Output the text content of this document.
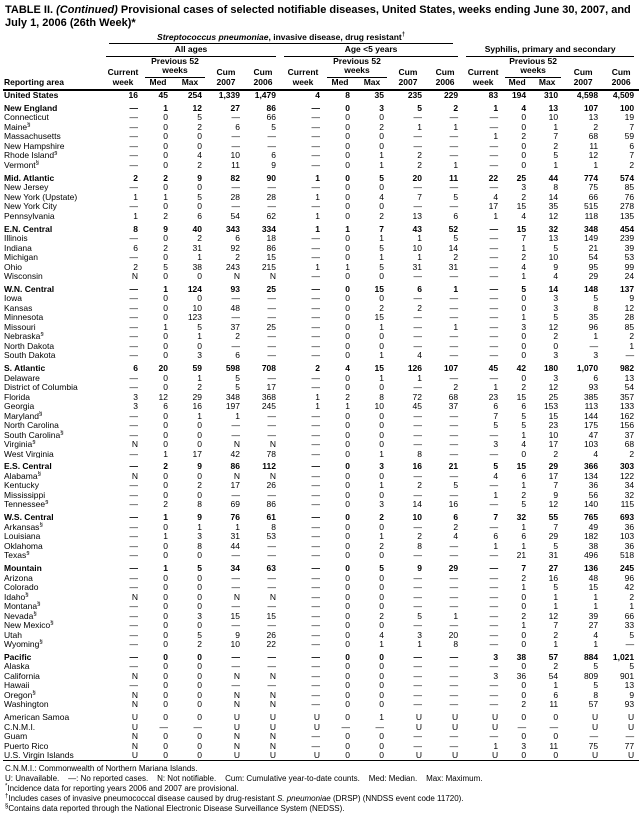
TABLE II. (Continued) Provisional cases of selected notifiable diseases, United States, weeks ending June 30, 2007, and July 1, 2006 (26th Week)*
Reporting area	Streptococcus pneumoniae, invasive disease, drug resistant†

	All ages					Age <5 years					Syphilis, primary and secondary				

	Current week	Previous 52 weeks		Cum 2007	Cum 2006	Current week	Previous 52 weeks		Cum 2007	Cum 2006	Current week	Previous 52 weeks		Cum 2007	Cum 2006
		Med	Max				Med	Max				Med	Max		
United States	16	45	254	1,339	1,479	4	8	35	235	229	83	194	310	4,598	4,509
New England	—	1	12	27	86	—	0	3	5	2	1	4	13	107	100
Connecticut	—	0	5	—	66	—	0	0	—	—	—	0	10	13	19
Maine§	—	0	2	6	5	—	0	2	1	1	—	0	1	2	7
Massachusetts	—	0	0	—	—	—	0	0	—	—	1	2	7	68	59
New Hampshire	—	0	0	—	—	—	0	0	—	—	—	0	2	11	6
Rhode Island§	—	0	4	10	6	—	0	1	2	—	—	0	5	12	7
Vermont§	—	0	2	11	9	—	0	1	2	1	—	0	1	1	2
Mid. Atlantic	2	2	9	82	90	1	0	5	20	11	22	25	44	774	574
New Jersey	—	0	0	—	—	—	0	0	—	—	—	3	8	75	85
New York (Upstate)	1	1	5	28	28	1	0	4	7	5	4	2	14	66	76
New York City	—	0	0	—	—	—	0	0	—	—	17	15	35	515	278
Pennsylvania	1	2	6	54	62	1	0	2	13	6	1	4	12	118	135
E.N. Central	8	9	40	343	334	1	1	7	43	52	—	15	32	348	454
Illinois	—	0	2	6	18	—	0	1	1	5	—	7	13	149	239
Indiana	6	2	31	92	86	—	0	5	10	14	—	1	5	21	39
Michigan	—	0	1	2	15	—	0	1	1	2	—	2	10	54	53
Ohio	2	5	38	243	215	1	1	5	31	31	—	4	9	95	99
Wisconsin	N	0	0	N	N	—	0	0	—	—	—	1	4	29	24
W.N. Central	—	1	124	93	25	—	0	15	6	1	—	5	14	148	137
Iowa	—	0	0	—	—	—	0	0	—	—	—	0	3	5	9
Kansas	—	0	10	48	—	—	0	2	2	—	—	0	3	8	12
Minnesota	—	0	123	—	—	—	0	15	—	—	—	1	5	35	28
Missouri	—	1	5	37	25	—	0	1	—	1	—	3	12	96	85
Nebraska§	—	0	1	2	—	—	0	0	—	—	—	0	2	1	2
North Dakota	—	0	0	—	—	—	0	0	—	—	—	0	0	—	1
South Dakota	—	0	3	6	—	—	0	1	4	—	—	0	3	3	—
S. Atlantic	6	20	59	598	708	2	4	15	126	107	45	42	180	1,070	982
Delaware	—	0	1	5	—	—	0	1	1	—	—	0	3	6	13
District of Columbia	—	0	2	5	17	—	0	0	—	2	1	2	12	93	54
Florida	3	12	29	348	368	1	2	8	72	68	23	15	25	385	357
Georgia	3	6	16	197	245	1	1	10	45	37	6	6	153	113	133
Maryland§	—	0	1	1	—	—	0	0	—	—	7	5	15	144	162
North Carolina	—	0	0	—	—	—	0	0	—	—	5	5	23	175	156
South Carolina§	—	0	0	—	—	—	0	0	—	—	—	1	10	47	37
Virginia§	N	0	0	N	N	—	0	0	—	—	3	4	17	103	68
West Virginia	—	1	17	42	78	—	0	1	8	—	—	0	2	4	2
E.S. Central	—	2	9	86	112	—	0	3	16	21	5	15	29	366	303
Alabama§	N	0	0	N	N	—	0	0	—	—	4	6	17	134	122
Kentucky	—	0	2	17	26	—	0	1	2	5	—	1	7	36	34
Mississippi	—	0	0	—	—	—	0	0	—	—	1	2	9	56	32
Tennessee§	—	2	8	69	86	—	0	3	14	16	—	5	12	140	115
W.S. Central	—	1	9	76	61	—	0	2	10	6	7	32	55	765	693
Arkansas§	—	0	1	1	8	—	0	0	—	2	—	1	7	49	36
Louisiana	—	1	3	31	53	—	0	1	2	4	6	6	29	182	103
Oklahoma	—	0	8	44	—	—	0	2	8	—	1	1	5	38	36
Texas§	—	0	0	—	—	—	0	0	—	—	—	21	31	496	518
Mountain	—	1	5	34	63	—	0	5	9	29	—	7	27	136	245
Arizona	—	0	0	—	—	—	0	0	—	—	—	2	16	48	96
Colorado	—	0	0	—	—	—	0	0	—	—	—	1	5	15	42
Idaho§	N	0	0	N	N	—	0	0	—	—	—	0	1	1	2
Montana§	—	0	0	—	—	—	0	0	—	—	—	0	1	1	1
Nevada§	—	0	3	15	15	—	0	2	5	1	—	2	12	39	66
New Mexico§	—	0	0	—	—	—	0	0	—	—	—	1	7	27	33
Utah	—	0	5	9	26	—	0	4	3	20	—	0	2	4	5
Wyoming§	—	0	2	10	22	—	0	1	1	8	—	0	1	1	—
Pacific	—	0	0	—	—	—	0	0	—	—	3	38	57	884	1,021
Alaska	—	0	0	—	—	—	0	0	—	—	—	0	2	5	5
California	N	0	0	N	N	—	0	0	—	—	3	36	54	809	901
Hawaii	—	0	0	—	—	—	0	0	—	—	—	0	1	5	13
Oregon§	N	0	0	N	N	—	0	0	—	—	—	0	6	8	9
Washington	N	0	0	N	N	—	0	0	—	—	—	2	11	57	93
American Samoa	U	0	0	U	U	U	0	1	U	U	U	0	0	U	U
C.N.M.I.	U	—	—	U	U	U	—	—	U	U	U	—	—	U	U
Guam	N	0	0	N	N	—	0	0	—	—	—	0	0	—	—
Puerto Rico	N	0	0	N	N	—	0	0	—	—	1	3	11	75	77
U.S. Virgin Islands	U	0	0	U	U	U	0	0	U	U	U	0	0	U	U
C.N.M.I.: Commonwealth of Northern Mariana Islands.
U: Unavailable.    —: No reported cases.    N: Not notifiable.    Cum: Cumulative year-to-date counts.    Med: Median.    Max: Maximum.
*Incidence data for reporting years 2006 and 2007 are provisional.
†Includes cases of invasive pneumococcal disease caused by drug-resistant S. pneumoniae (DRSP) (NNDSS event code 11720).
§Contains data reported through the National Electronic Disease Surveillance System (NEDSS).
